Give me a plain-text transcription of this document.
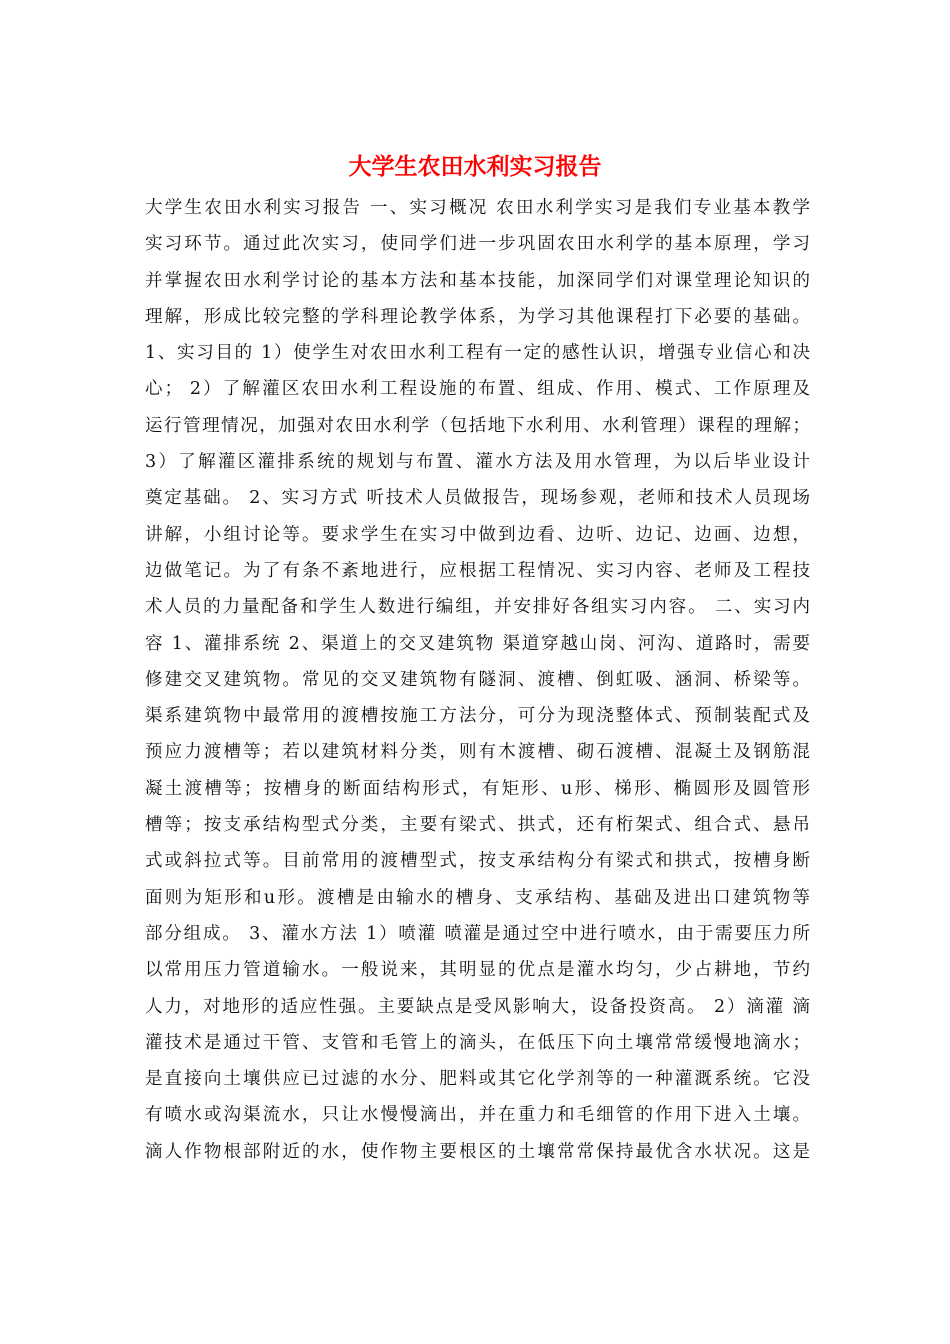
大学生农田水利实习报告
大学生农田水利实习报告 一、实习概况 农田水利学实习是我们专业基本教学
实习环节。通过此次实习，使同学们进一步巩固农田水利学的基本原理，学习
并掌握农田水利学讨论的基本方法和基本技能，加深同学们对课堂理论知识的
理解，形成比较完整的学科理论教学体系，为学习其他课程打下必要的基础。
1、实习目的 1）使学生对农田水利工程有一定的感性认识，增强专业信心和决
心； 2）了解灌区农田水利工程设施的布置、组成、作用、模式、工作原理及
运行管理情况，加强对农田水利学（包括地下水利用、水利管理）课程的理解；
3）了解灌区灌排系统的规划与布置、灌水方法及用水管理，为以后毕业设计
奠定基础。 2、实习方式 听技术人员做报告，现场参观，老师和技术人员现场
讲解，小组讨论等。要求学生在实习中做到边看、边听、边记、边画、边想，
边做笔记。为了有条不紊地进行，应根据工程情况、实习内容、老师及工程技
术人员的力量配备和学生人数进行编组，并安排好各组实习内容。 二、实习内
容 1、灌排系统 2、渠道上的交叉建筑物 渠道穿越山岗、河沟、道路时，需要
修建交叉建筑物。常见的交叉建筑物有隧洞、渡槽、倒虹吸、涵洞、桥梁等。
渠系建筑物中最常用的渡槽按施工方法分，可分为现浇整体式、预制装配式及
预应力渡槽等；若以建筑材料分类，则有木渡槽、砌石渡槽、混凝土及钢筋混
凝土渡槽等；按槽身的断面结构形式，有矩形、u形、梯形、椭圆形及圆管形
槽等；按支承结构型式分类，主要有梁式、拱式，还有桁架式、组合式、悬吊
式或斜拉式等。目前常用的渡槽型式，按支承结构分有梁式和拱式，按槽身断
面则为矩形和u形。渡槽是由输水的槽身、支承结构、基础及进出口建筑物等
部分组成。 3、灌水方法 1）喷灌 喷灌是通过空中进行喷水，由于需要压力所
以常用压力管道输水。一般说来，其明显的优点是灌水均匀，少占耕地，节约
人力，对地形的适应性强。主要缺点是受风影响大，设备投资高。 2）滴灌 滴
灌技术是通过干管、支管和毛管上的滴头，在低压下向土壤常常缓慢地滴水；
是直接向土壤供应已过滤的水分、肥料或其它化学剂等的一种灌溉系统。它没
有喷水或沟渠流水，只让水慢慢滴出，并在重力和毛细管的作用下进入土壤。
滴人作物根部附近的水，使作物主要根区的土壤常常保持最优含水状况。这是
